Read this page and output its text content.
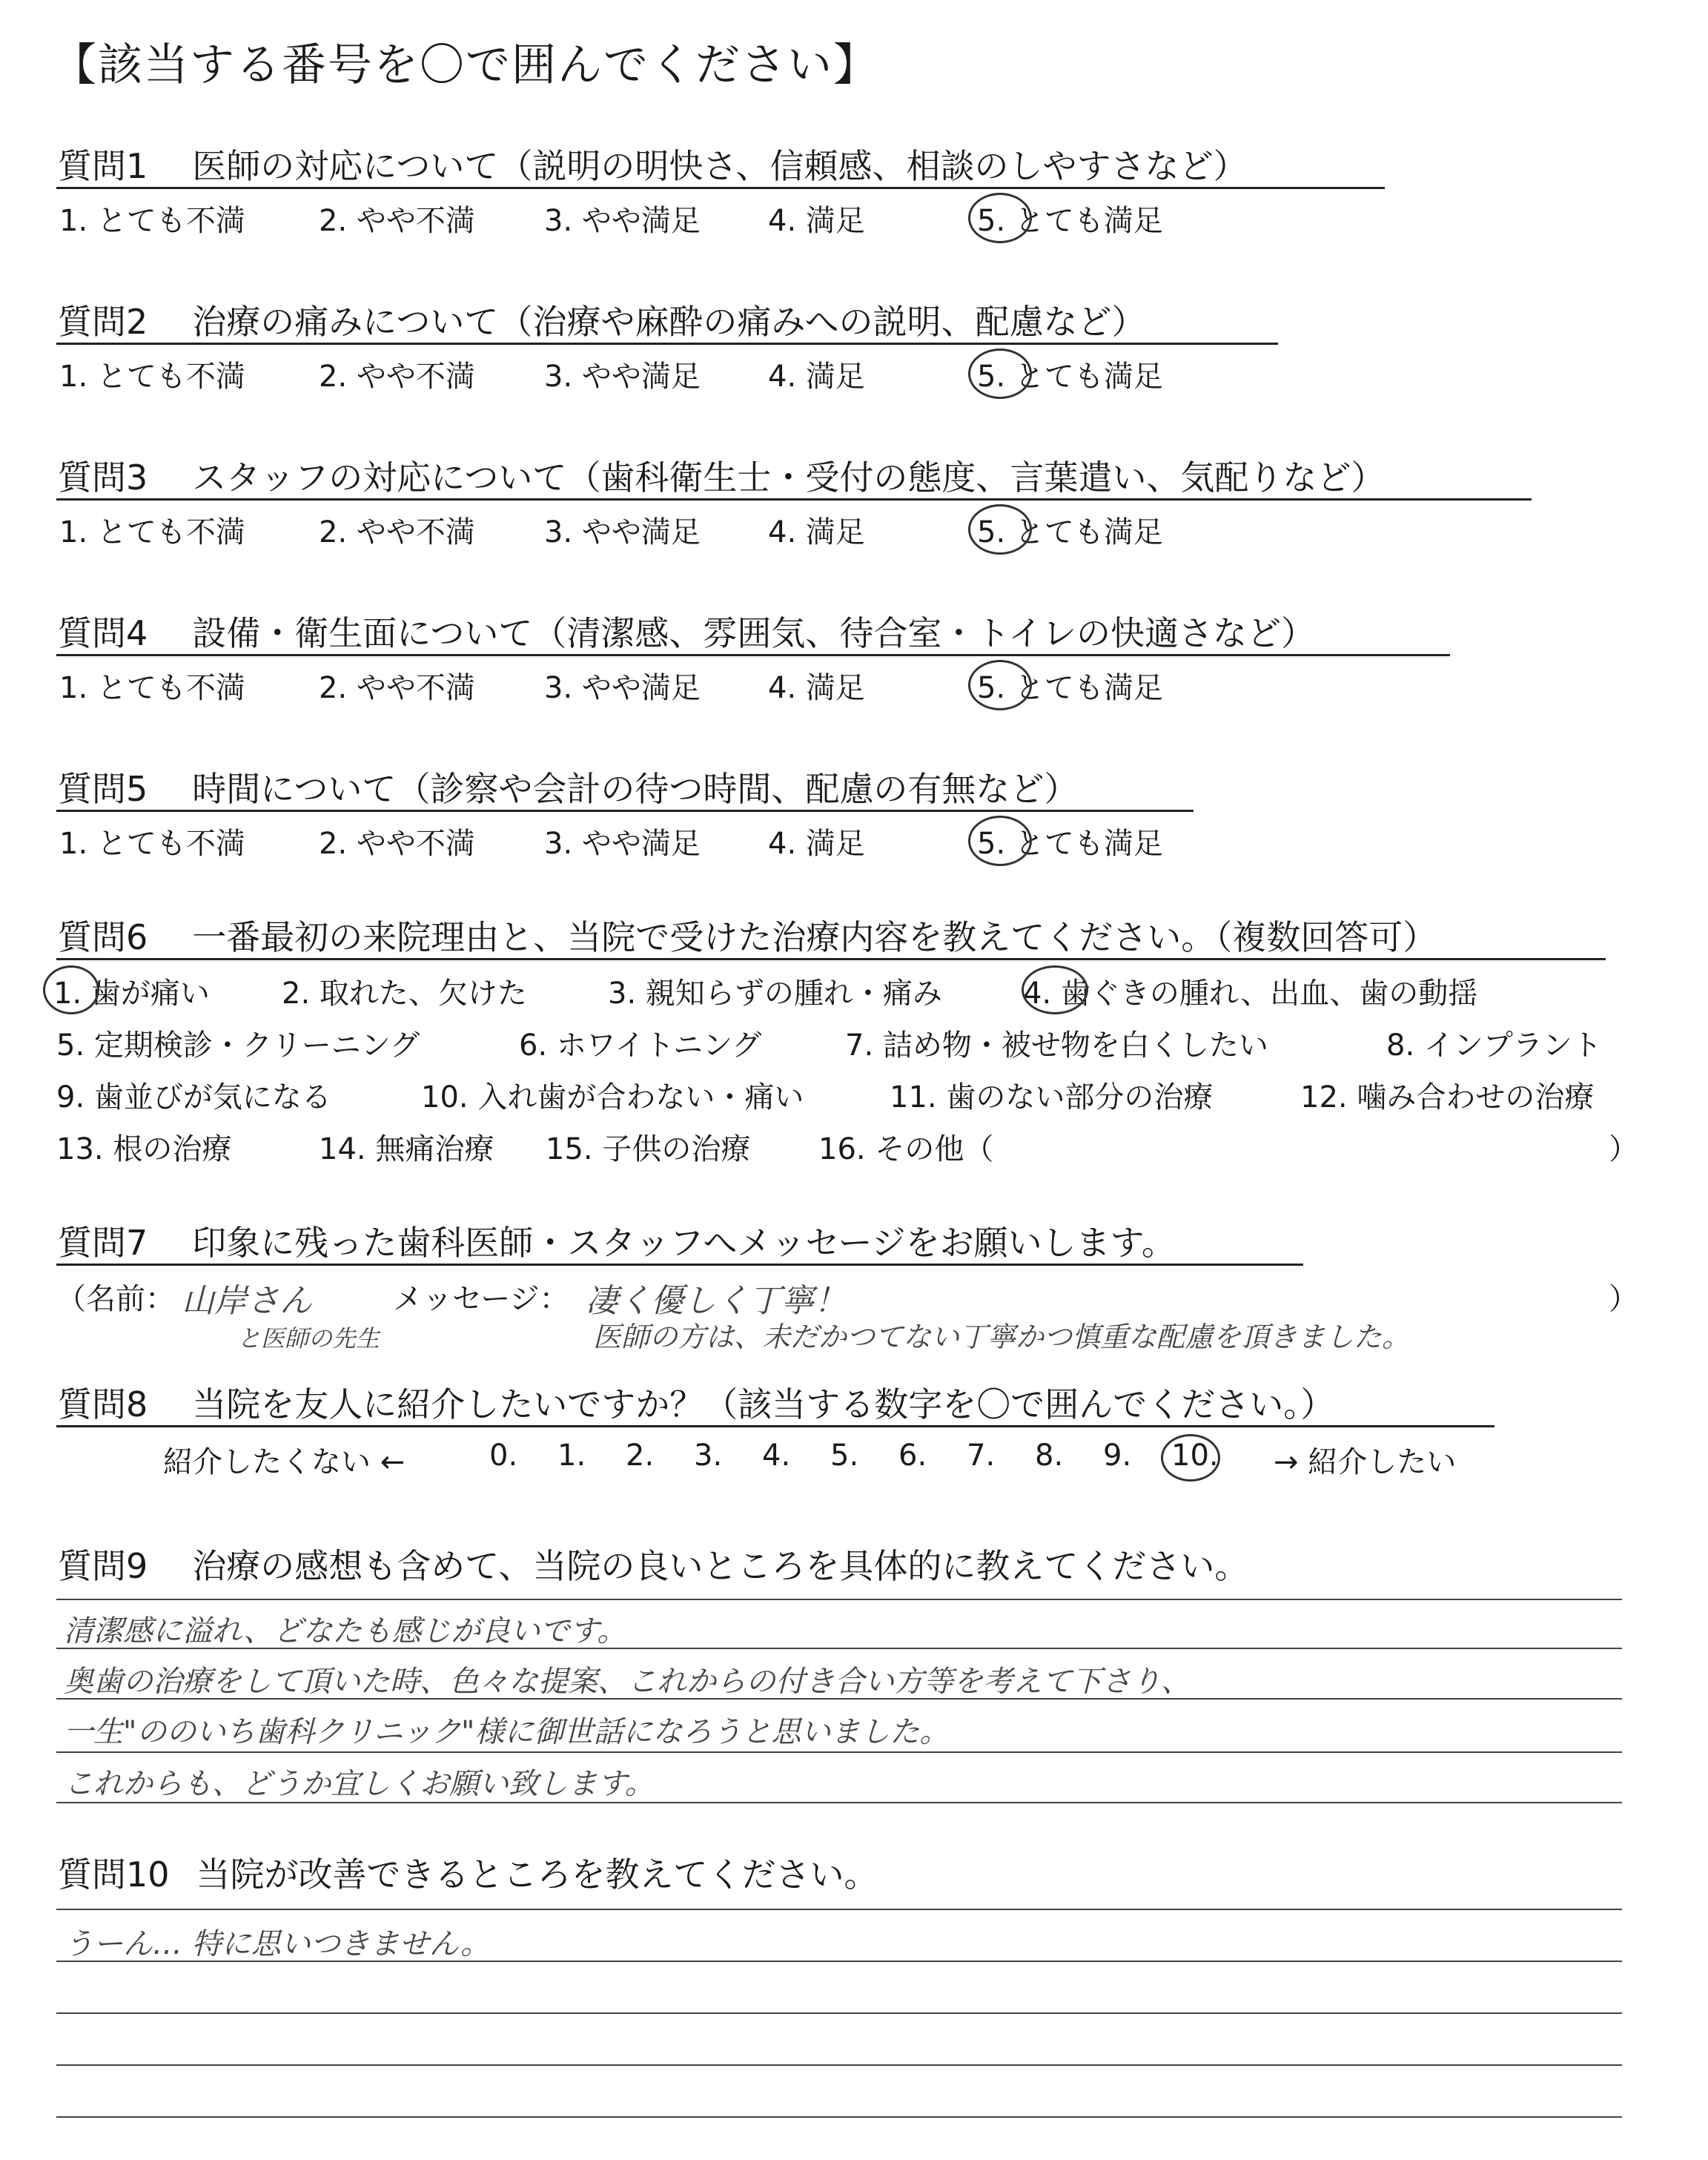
【該当する番号を〇で囲んでください】
質問6 一番最初の来院理由と、当院で受けた治療内容を教えてください。（複数回答可）
質問7 印象に残った歯科医師・スタッフへメッセージをお願いします。
（名前： 山岸さん
と医師の先生
メッセージ： 凄く優しく丁寧！
医師の方は、未だかつてない丁寧かつ慎重な配慮を頂きました。
）
質問8 当院を友人に紹介したいですか？（該当する数字を〇で囲んでください。）
紹介したくない ←	→ 紹介したい
質問9 治療の感想も含めて、当院の良いところを具体的に教えてください。
質問10 当院が改善できるところを教えてください。
質問1 医師の対応について（説明の明快さ、信頼感、相談のしやすさなど）
1. とても不満 2. やや不満 3. やや満足 4. 満足	5. とても満足
質問2 治療の痛みについて（治療や麻酔の痛みへの説明、配慮など）
1. とても不満 2. やや不満 3. やや満足 4. 満足	5. とても満足
質問3 スタッフの対応について（歯科衛生士・受付の態度、言葉遣い、気配りなど）
1. とても不満 2. やや不満 3. やや満足 4. 満足	5. とても満足
質問4 設備・衛生面について（清潔感、雰囲気、待合室・トイレの快適さなど）
1. とても不満 2. やや不満 3. やや満足 4. 満足	5. とても満足
質問5 時間について（診察や会計の待つ時間、配慮の有無など）
1. とても不満 2. やや不満 3. やや満足 4. 満足	5. とても満足
1. 歯が痛い 2. 取れた、欠けた	3. 親知らずの腫れ・痛み	4. 歯ぐきの腫れ、出血、歯の動揺
5. 定期検診・クリーニング	6. ホワイトニング	7. 詰め物・被せ物を白くしたい	8. インプラント
9. 歯並びが気になる	10. 入れ歯が合わない・痛い	11. 歯のない部分の治療	12. 噛み合わせの治療
13. 根の治療	14. 無痛治療 15. 子供の治療 16. その他（	）
0. 1. 2. 3. 4. 5. 6. 7. 8. 9. 10.
清潔感に溢れ、どなたも感じが良いです。
奥歯の治療をして頂いた時、色々な提案、これからの付き合い方等を考えて下さり、
一生"ののいち歯科クリニック"様に御世話になろうと思いました。
これからも、どうか宜しくお願い致します。
うーん… 特に思いつきません。
